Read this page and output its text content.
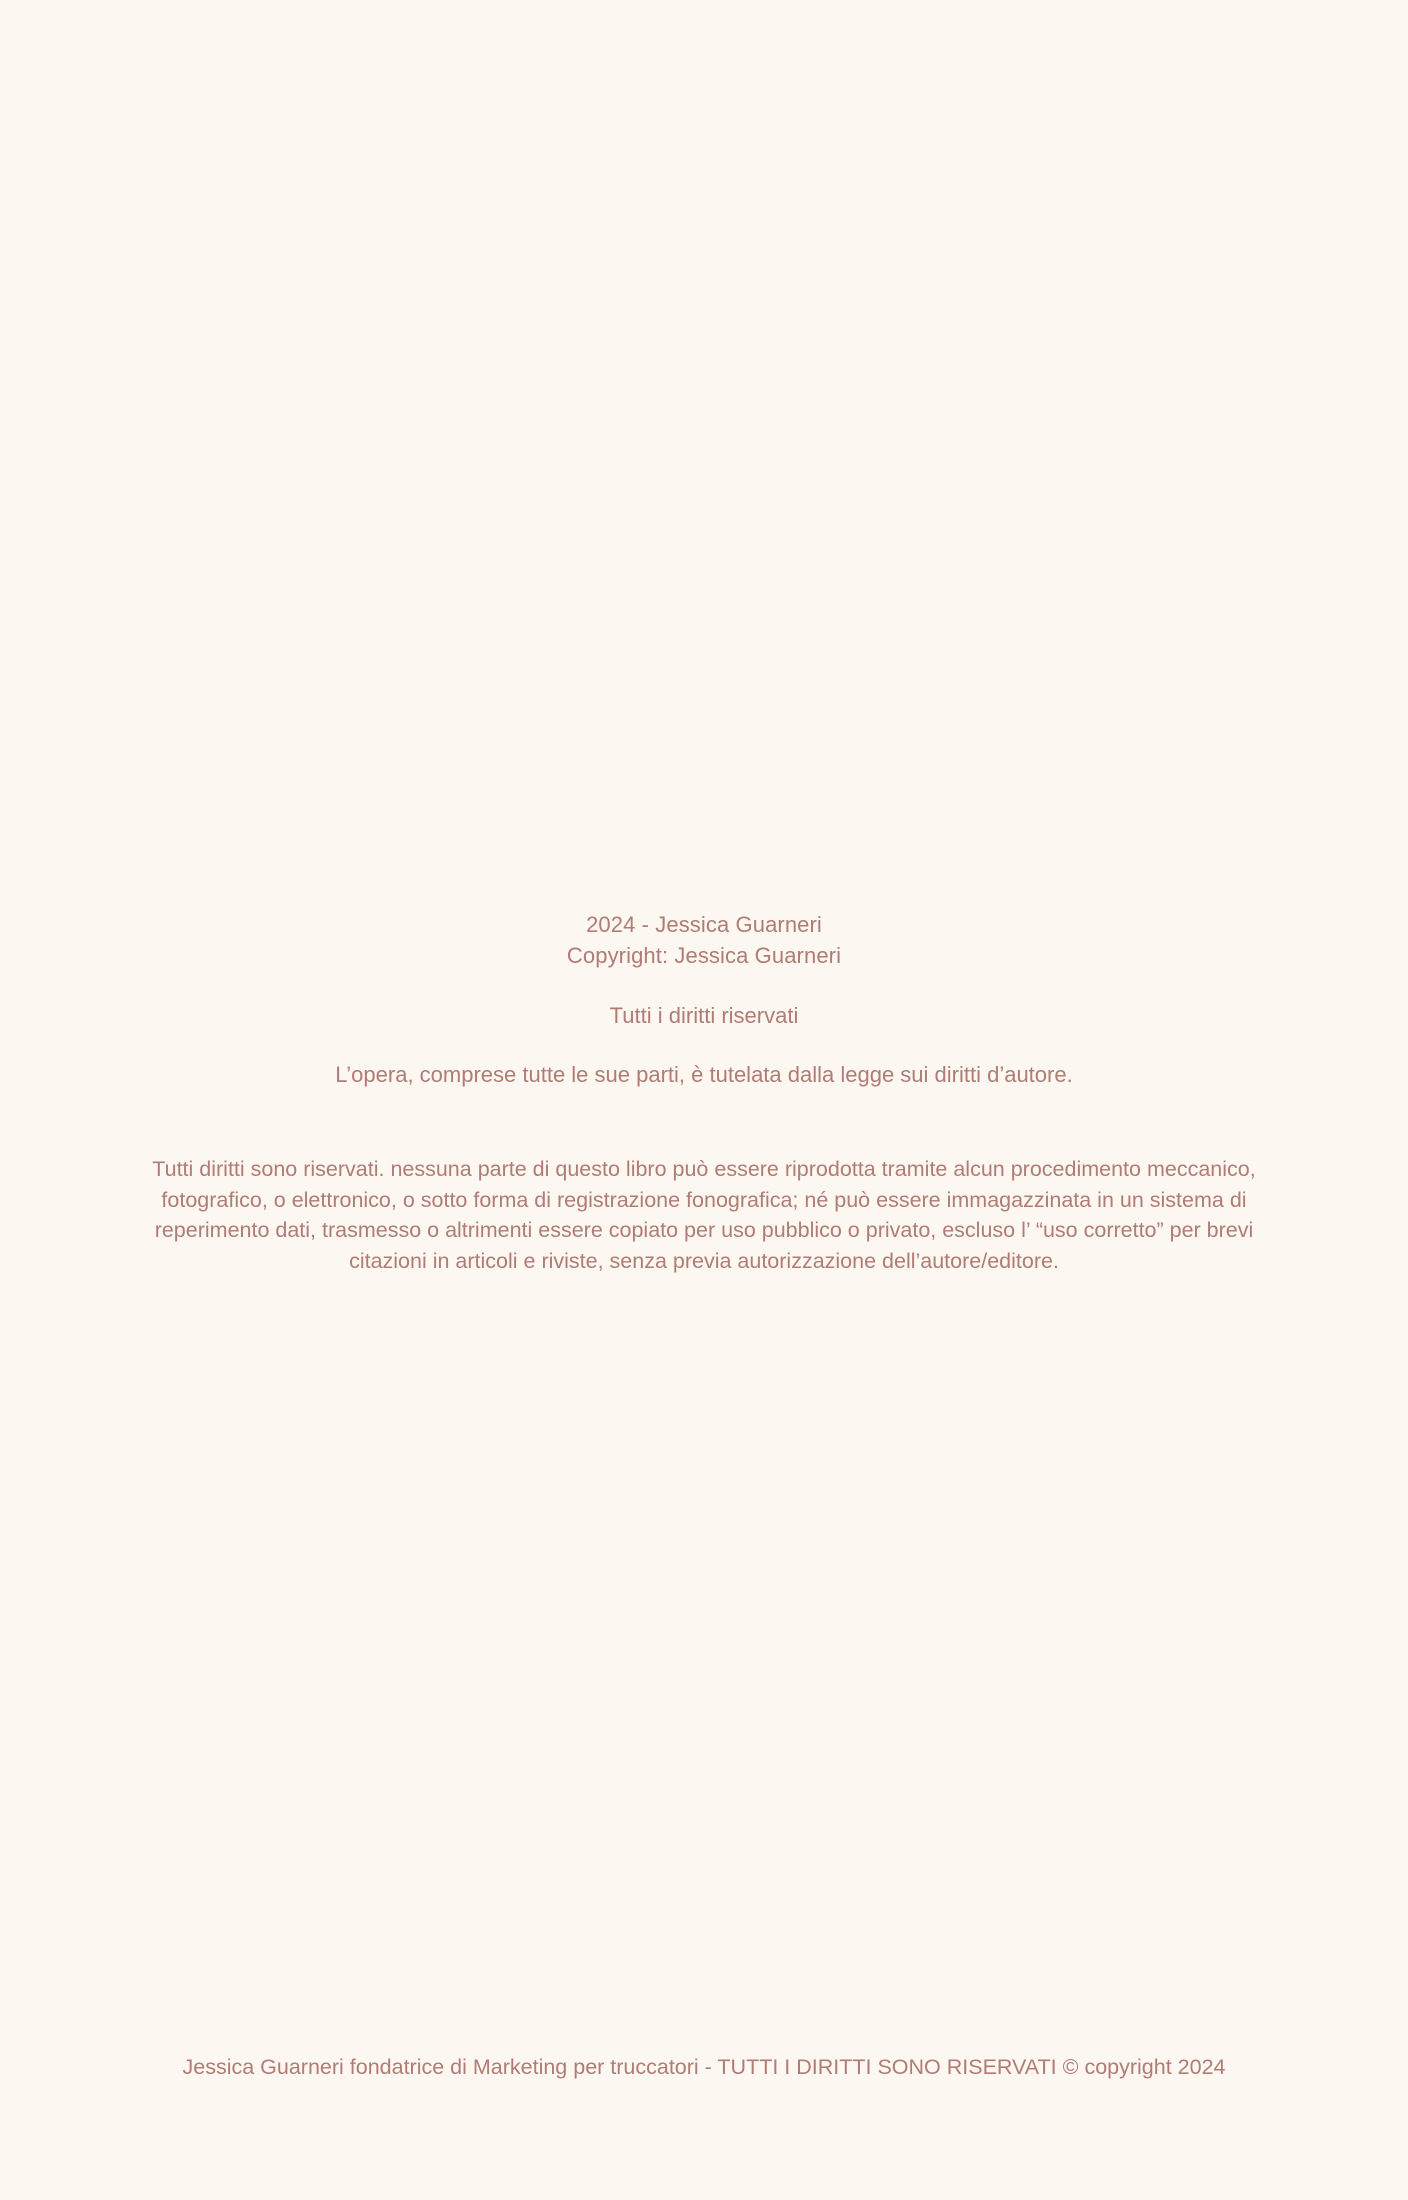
2024 - Jessica Guarneri
Copyright: Jessica Guarneri
Tutti i diritti riservati
L’opera, comprese tutte le sue parti, è tutelata dalla legge sui diritti d’autore.
Tutti diritti sono riservati. nessuna parte di questo libro può essere riprodotta tramite alcun procedimento meccanico, fotografico, o elettronico, o sotto forma di registrazione fonografica; né può essere immagazzinata in un sistema di reperimento dati, trasmesso o altrimenti essere copiato per uso pubblico o privato, escluso l’ “uso corretto” per brevi citazioni in articoli e riviste, senza previa autorizzazione dell’autore/editore.
Jessica Guarneri fondatrice di Marketing per truccatori - TUTTI I DIRITTI SONO RISERVATI © copyright 2024
